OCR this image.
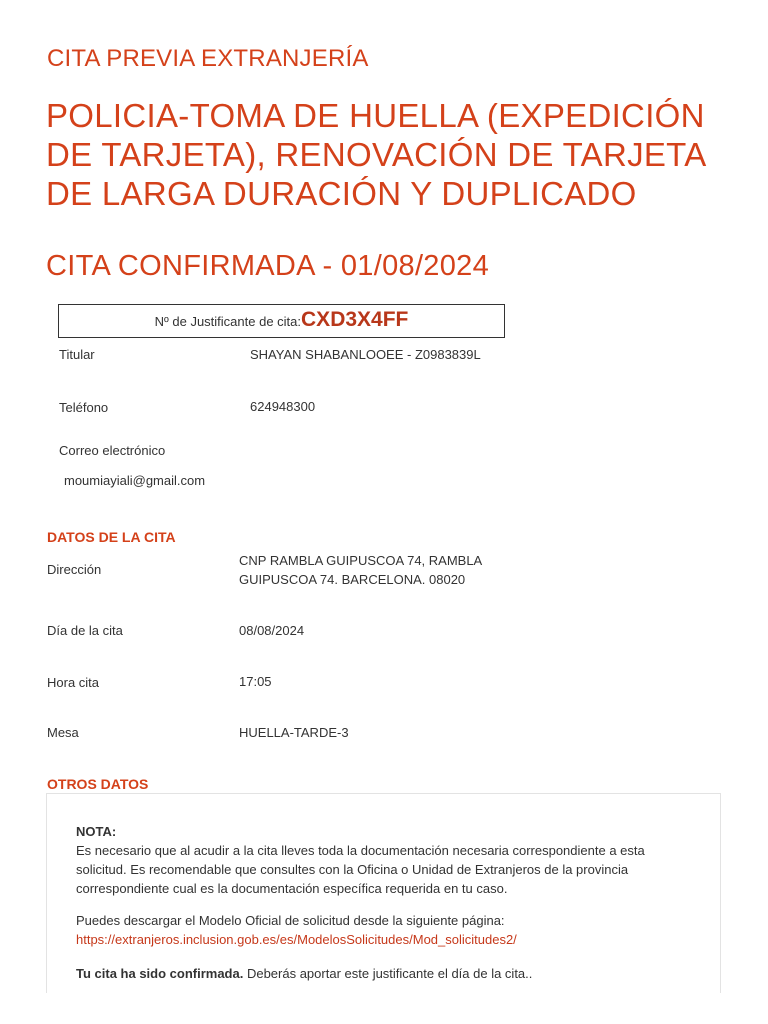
CITA PREVIA EXTRANJERÍA
POLICIA-TOMA DE HUELLA (EXPEDICIÓN DE TARJETA), RENOVACIÓN DE TARJETA DE LARGA DURACIÓN Y DUPLICADO
CITA CONFIRMADA - 01/08/2024
Nº de Justificante de cita:CXD3X4FF
Titular	SHAYAN SHABANLOOEE - Z0983839L
Teléfono	624948300
Correo electrónico
moumiayiali@gmail.com
DATOS DE LA CITA
Dirección
CNP RAMBLA GUIPUSCOA 74, RAMBLA
GUIPUSCOA 74. BARCELONA. 08020
Día de la cita	08/08/2024
Hora cita	17:05
Mesa	HUELLA-TARDE-3
OTROS DATOS
NOTA:
Es necesario que al acudir a la cita lleves toda la documentación necesaria correspondiente a esta
solicitud. Es recomendable que consultes con la Oficina o Unidad de Extranjeros de la provincia
correspondiente cual es la documentación específica requerida en tu caso.
Puedes descargar el Modelo Oficial de solicitud desde la siguiente página:
https://extranjeros.inclusion.gob.es/es/ModelosSolicitudes/Mod_solicitudes2/
Tu cita ha sido confirmada. Deberás aportar este justificante el día de la cita..
